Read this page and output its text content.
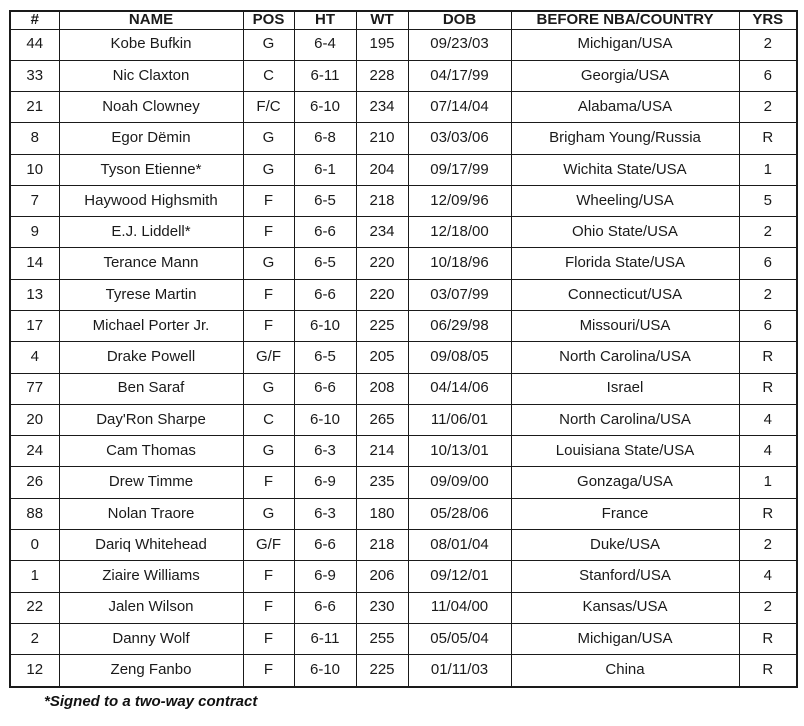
#	NAME	POS	HT	WT	DOB	BEFORE NBA/COUNTRY	YRS
44	Kobe Bufkin	G	6-4	195	09/23/03	Michigan/USA	2
33	Nic Claxton	C	6-11	228	04/17/99	Georgia/USA	6
21	Noah Clowney	F/C	6-10	234	07/14/04	Alabama/USA	2
8	Egor Dëmin	G	6-8	210	03/03/06	Brigham Young/Russia	R
10	Tyson Etienne*	G	6-1	204	09/17/99	Wichita State/USA	1
7	Haywood Highsmith	F	6-5	218	12/09/96	Wheeling/USA	5
9	E.J. Liddell*	F	6-6	234	12/18/00	Ohio State/USA	2
14	Terance Mann	G	6-5	220	10/18/96	Florida State/USA	6
13	Tyrese Martin	F	6-6	220	03/07/99	Connecticut/USA	2
17	Michael Porter Jr.	F	6-10	225	06/29/98	Missouri/USA	6
4	Drake Powell	G/F	6-5	205	09/08/05	North Carolina/USA	R
77	Ben Saraf	G	6-6	208	04/14/06	Israel	R
20	Day'Ron Sharpe	C	6-10	265	11/06/01	North Carolina/USA	4
24	Cam Thomas	G	6-3	214	10/13/01	Louisiana State/USA	4
26	Drew Timme	F	6-9	235	09/09/00	Gonzaga/USA	1
88	Nolan Traore	G	6-3	180	05/28/06	France	R
0	Dariq Whitehead	G/F	6-6	218	08/01/04	Duke/USA	2
1	Ziaire Williams	F	6-9	206	09/12/01	Stanford/USA	4
22	Jalen Wilson	F	6-6	230	11/04/00	Kansas/USA	2
2	Danny Wolf	F	6-11	255	05/05/04	Michigan/USA	R
12	Zeng Fanbo	F	6-10	225	01/11/03	China	R
*Signed to a two-way contract
